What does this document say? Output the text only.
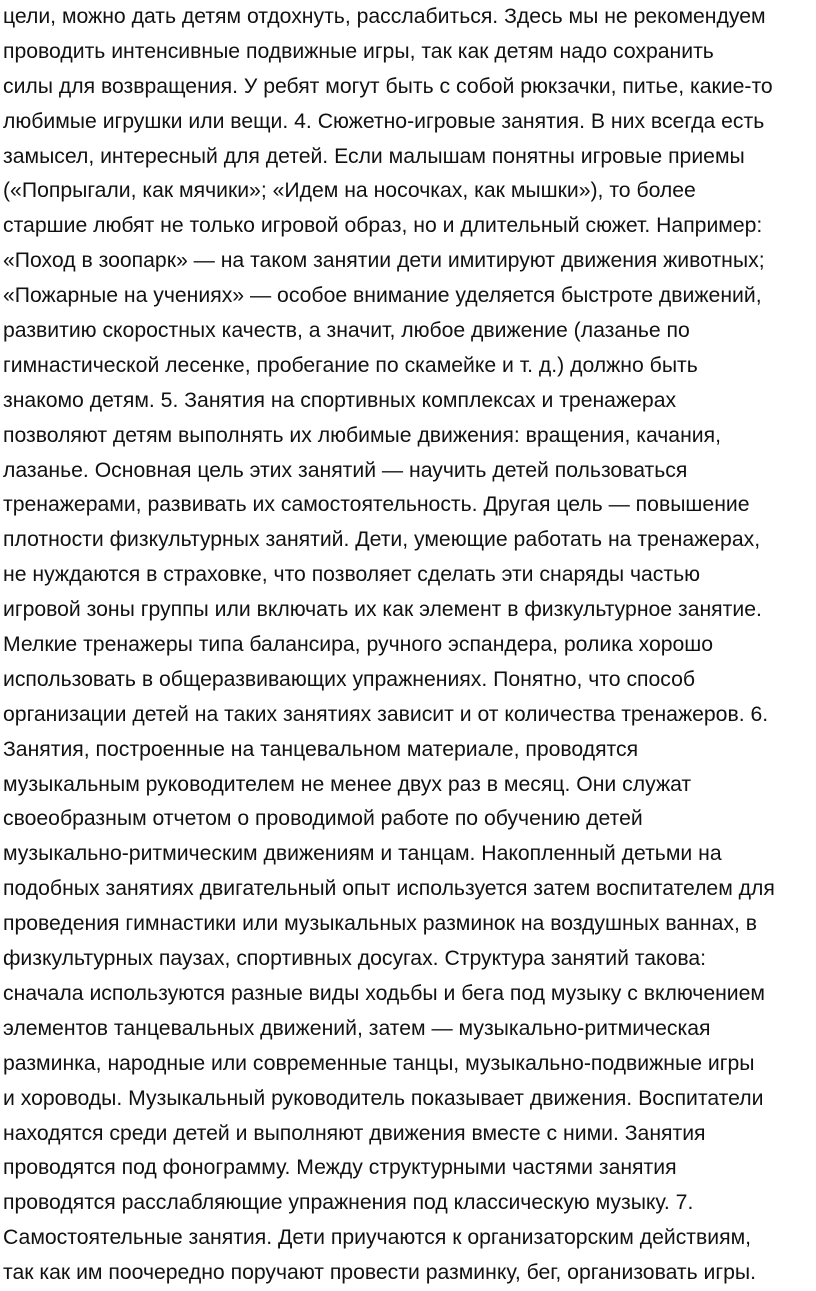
цели, можно дать детям отдохнуть, расслабиться. Здесь мы не рекомендуем
проводить интенсивные подвижные игры, так как детям надо сохранить
силы для возвращения. У ребят могут быть с собой рюкзачки, питье, какие-то
любимые игрушки или вещи. 4. Сюжетно-игровые занятия. В них всегда есть
замысел, интересный для детей. Если малышам понятны игровые приемы
(«Попрыгали, как мячики»; «Идем на носочках, как мышки»), то более
старшие любят не только игровой образ, но и длительный сюжет. Например:
«Поход в зоопарк» — на таком занятии дети имитируют движения животных;
«Пожарные на учениях» — особое внимание уделяется быстроте движений,
развитию скоростных качеств, а значит, любое движение (лазанье по
гимнастической лесенке, пробегание по скамейке и т. д.) должно быть
знакомо детям. 5. Занятия на спортивных комплексах и тренажерах
позволяют детям выполнять их любимые движения: вращения, качания,
лазанье. Основная цель этих занятий — научить детей пользоваться
тренажерами, развивать их самостоятельность. Другая цель — повышение
плотности физкультурных занятий. Дети, умеющие работать на тренажерах,
не нуждаются в страховке, что позволяет сделать эти снаряды частью
игровой зоны группы или включать их как элемент в физкультурное занятие.
Мелкие тренажеры типа балансира, ручного эспандера, ролика хорошо
использовать в общеразвивающих упражнениях. Понятно, что способ
организации детей на таких занятиях зависит и от количества тренажеров. 6.
Занятия, построенные на танцевальном материале, проводятся
музыкальным руководителем не менее двух раз в месяц. Они служат
своеобразным отчетом о проводимой работе по обучению детей
музыкально-ритмическим движениям и танцам. Накопленный детьми на
подобных занятиях двигательный опыт используется затем воспитателем для
проведения гимнастики или музыкальных разминок на воздушных ваннах, в
физкультурных паузах, спортивных досугах. Структура занятий такова:
сначала используются разные виды ходьбы и бега под музыку с включением
элементов танцевальных движений, затем — музыкально-ритмическая
разминка, народные или современные танцы, музыкально-подвижные игры
и хороводы. Музыкальный руководитель показывает движения. Воспитатели
находятся среди детей и выполняют движения вместе с ними. Занятия
проводятся под фонограмму. Между структурными частями занятия
проводятся расслабляющие упражнения под классическую музыку. 7.
Самостоятельные занятия. Дети приучаются к организаторским действиям,
так как им поочередно поручают провести разминку, бег, организовать игры.
